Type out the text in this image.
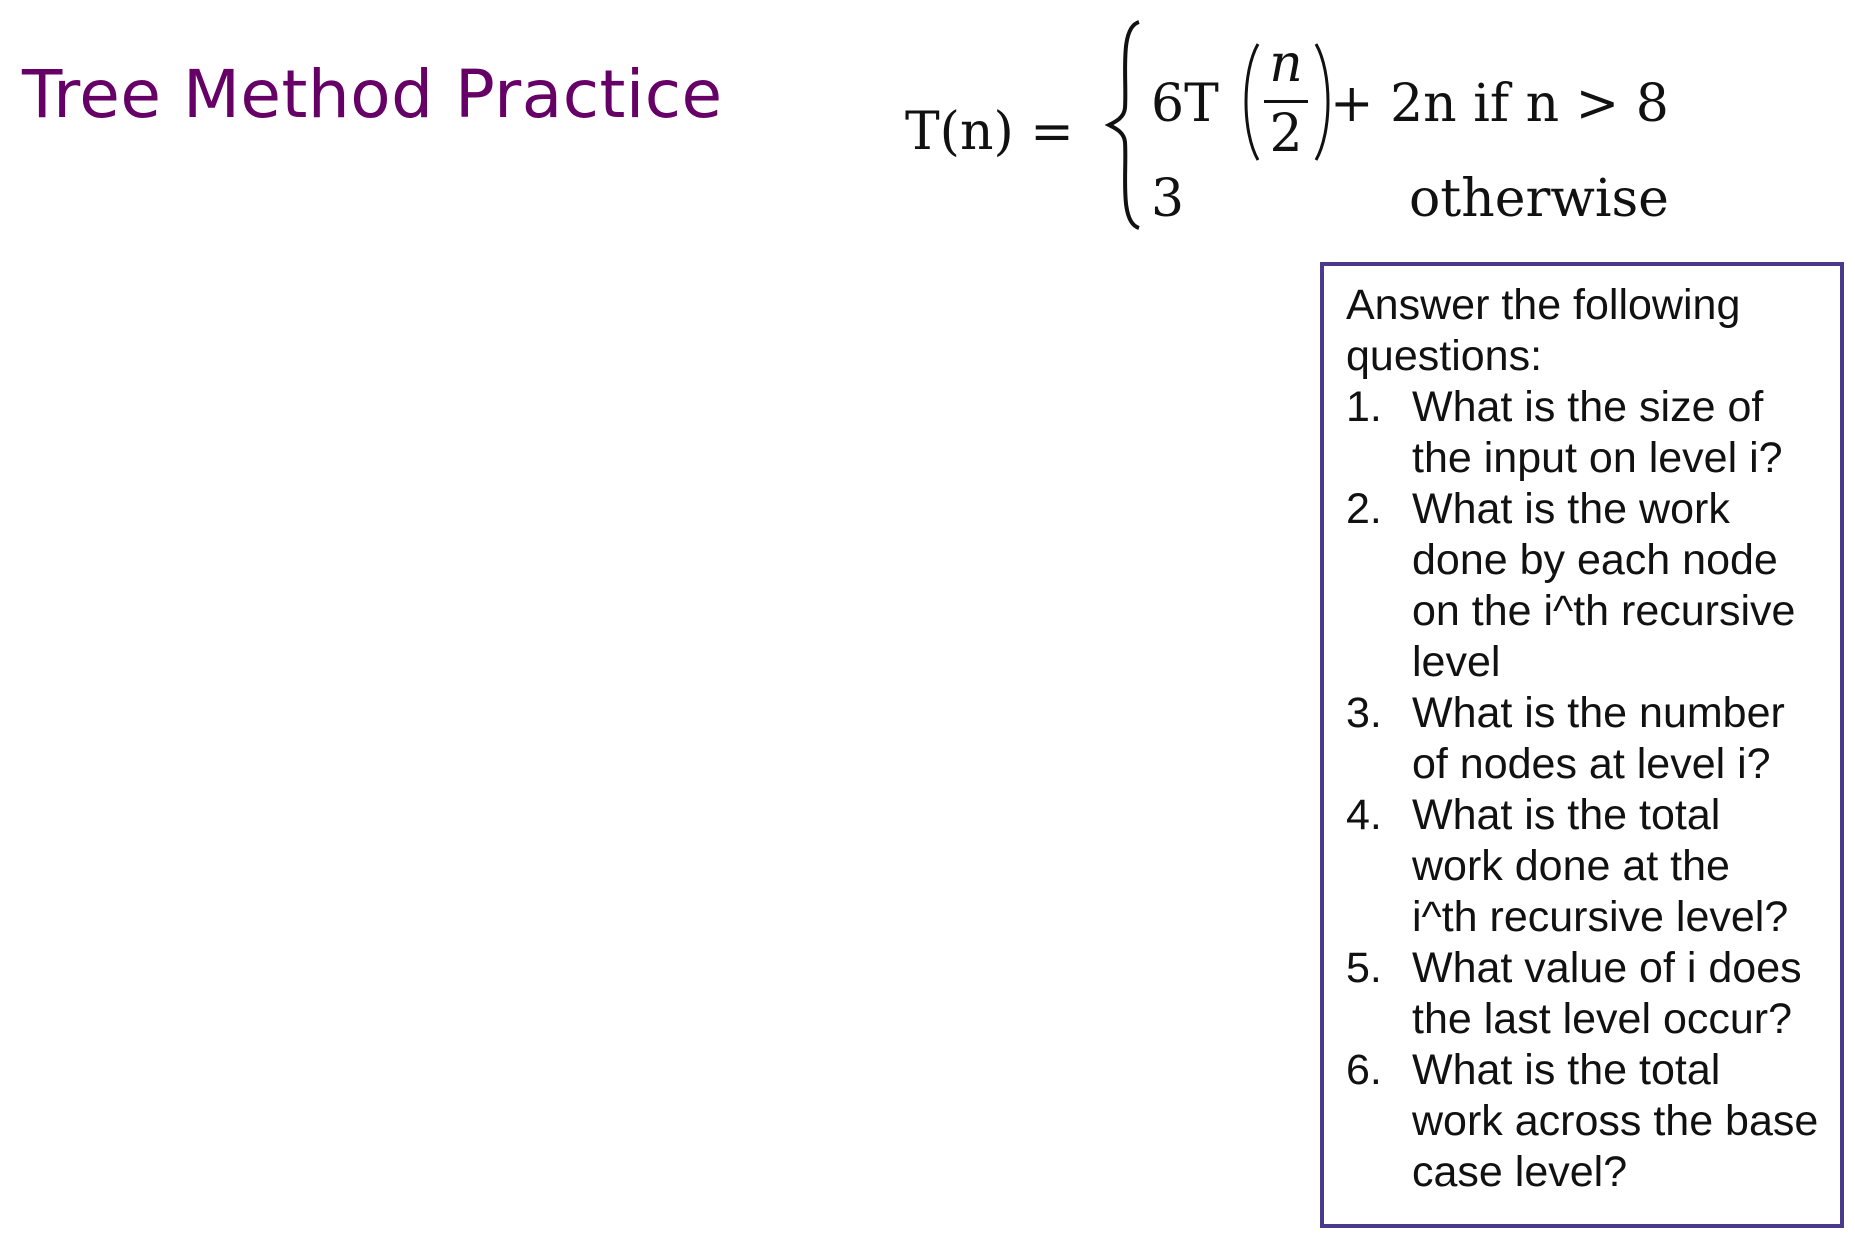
Tree Method Practice	T(n) = 6T
n
2 + 2n if n > 8
3	otherwise
Answer the following
questions:
1. What is the size of
the input on level i?
2. What is the work
done by each node
on the i^th recursive
level
3. What is the number
of nodes at level i?
4. What is the total
work done at the
i^th recursive level?
5. What value of i does
the last level occur?
6. What is the total
work across the base
case level?
